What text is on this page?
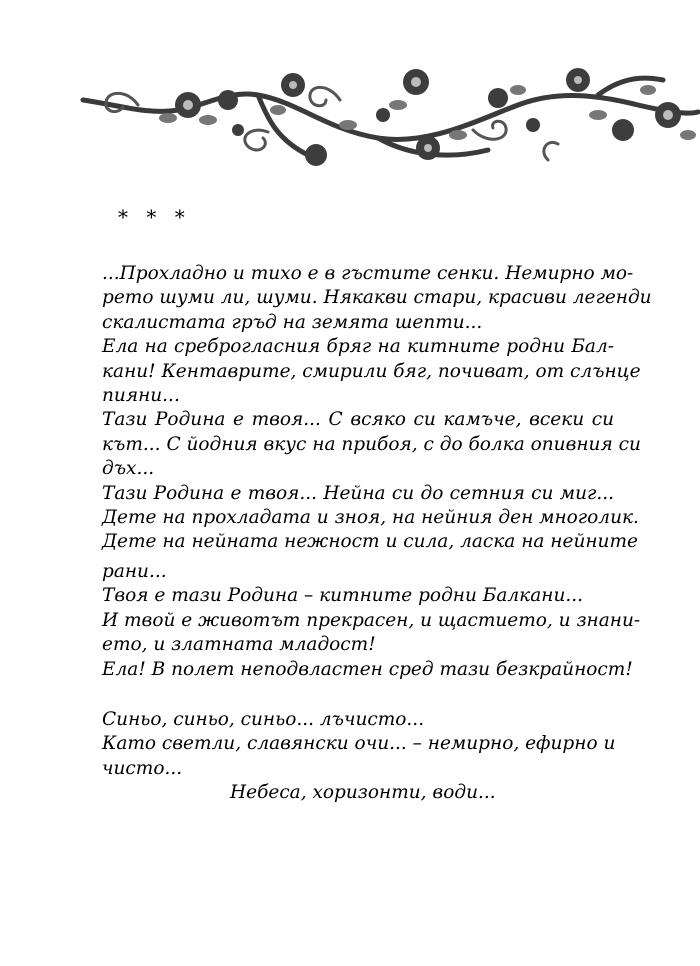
* * *
...Прохладно и тихо е в гъстите сенки. Немирно мо-
рето шуми ли, шуми. Някакви стари, красиви легенди
скалистата гръд на земята шепти...
Ела на среброгласния бряг на китните родни Бал-
кани! Кентаврите, смирили бяг, почиват, от слънце
пияни...
Тази Родина е твоя... С всяко си камъче, всеки си
кът... С йодния вкус на прибоя, с до болка опивния си
дъх...
Тази Родина е твоя... Нейна си до сетния си миг...
Дете на прохладата и зноя, на нейния ден многолик.
Дете на нейната нежност и сила, ласка на нейните
рани...
Твоя е тази Родина – китните родни Балкани...
И твой е животът прекрасен, и щастието, и знани-
ето, и златната младост!
Ела! В полет неподвластен сред тази безкрайност!
Синьо, синьо, синьо... лъчисто...
Като светли, славянски очи... – немирно, ефирно и
чисто...
Небеса, хоризонти, води...
